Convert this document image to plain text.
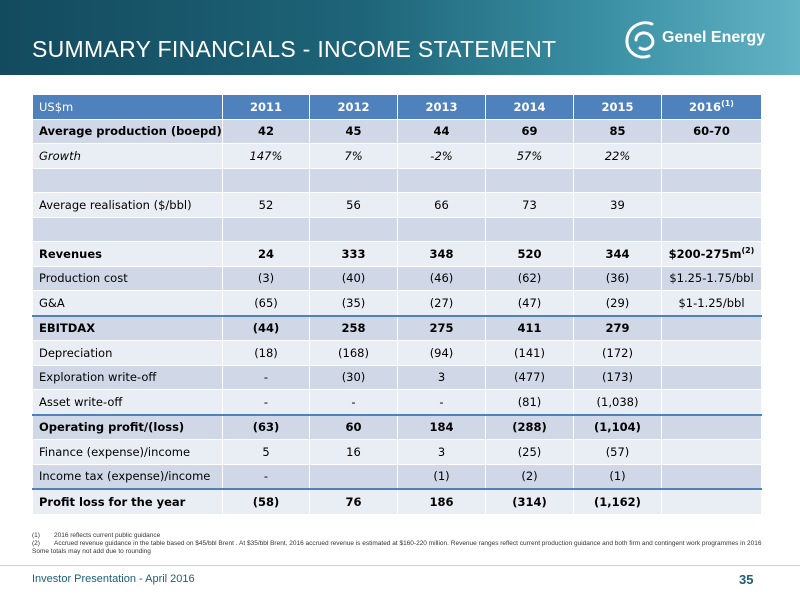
SUMMARY FINANCIALS - INCOME STATEMENT	Genel Energy
US$m	2011	2012	2013	2014	2015	2016$^{(1)}$
Average production (boepd)	42	45	44	69	85	60-70
Growth	147%	7%	-2%	57%	22%	

Average realisation ($/bbl)	52	56	66	73	39	

Revenues	24	333	348	520	344	$\$200-275m^{(2)}$
Production cost	(3)	(40)	(46)	(62)	(36)	$1.25-1.75/bbl
G&A	(65)	(35)	(27)	(47)	(29)	$1-1.25/bbl
EBITDAX	(44)	258	275	411	279	
Depreciation	(18)	(168)	(94)	(141)	(172)	
Exploration write-off	-	(30)	3	(477)	(173)	
Asset write-off	-	-	-	(81)	(1,038)	
Operating profit/(loss)	(63)	60	184	(288)	(1,104)	
Finance (expense)/income	5	16	3	(25)	(57)	
Income tax (expense)/income	-		(1)	(2)	(1)	
Profit loss for the year	(58)	76	186	(314)	(1,162)	
(1)	2016 reflects current public guidance
(2)	Accrued revenue guidance in the table based on $45/bbl Brent . At $35/bbl Brent, 2016 accrued revenue is estimated at $160-220 million. Revenue ranges reflect current production guidance and both firm and contingent work programmes in 2016
Some totals may not add due to rounding
Investor Presentation - April 2016	35
